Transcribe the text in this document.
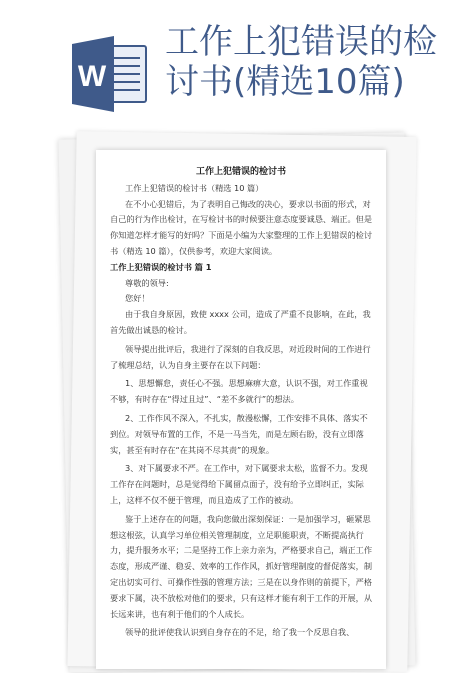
W
工作上犯错误的检讨书(精选10篇)

工作上犯错误的检讨书

工作上犯错误的检讨书（精选 10 篇）

在不小心犯错后，为了表明自己悔改的决心，要求以书面的形式，对自己的行为作出检讨，在写检讨书的时候要注意态度要诚恳、端正。但是你知道怎样才能写的好吗？下面是小编为大家整理的工作上犯错误的检讨书（精选 10 篇），仅供参考，欢迎大家阅读。

工作上犯错误的检讨书 篇 1

尊敬的领导:

您好！

由于我自身原因，致使 xxxx 公司，造成了严重不良影响，在此，我首先做出诚恳的检讨。

领导提出批评后，我进行了深刻的自我反思，对近段时间的工作进行了梳理总结，认为自身主要存在以下问题：

1、思想懈怠，责任心不强。思想麻痹大意，认识不强，对工作重视不够，有时存在“得过且过”、“差不多就行”的想法。

2、工作作风不深入，不扎实，散漫松懈，工作安排不具体、落实不到位。对领导布置的工作，不是一马当先，而是左顾右盼，没有立即落实，甚至有时存在“在其岗不尽其责”的现象。

3、对下属要求不严。在工作中，对下属要求太松，监督不力。发现工作存在问题时，总是觉得给下属留点面子，没有给予立即纠正，实际上，这样不仅不便于管理，而且造成了工作的被动。

鉴于上述存在的问题，我向您做出深刻保证：一是加强学习，砸紧思想这根弦，认真学习单位相关管理制度，立足职能职责，不断提高执行力，提升服务水平；二是坚持工作上亲力亲为，严格要求自己，端正工作态度，形成严谨、稳妥、效率的工作作风，抓好管理制度的督促落实，制定出切实可行、可操作性强的管理方法；三是在以身作则的前提下，严格要求下属，决不放松对他们的要求，只有这样才能有利于工作的开展，从长远来讲，也有利于他们的个人成长。

领导的批评使我认识到自身存在的不足，给了我一个反思自我、
